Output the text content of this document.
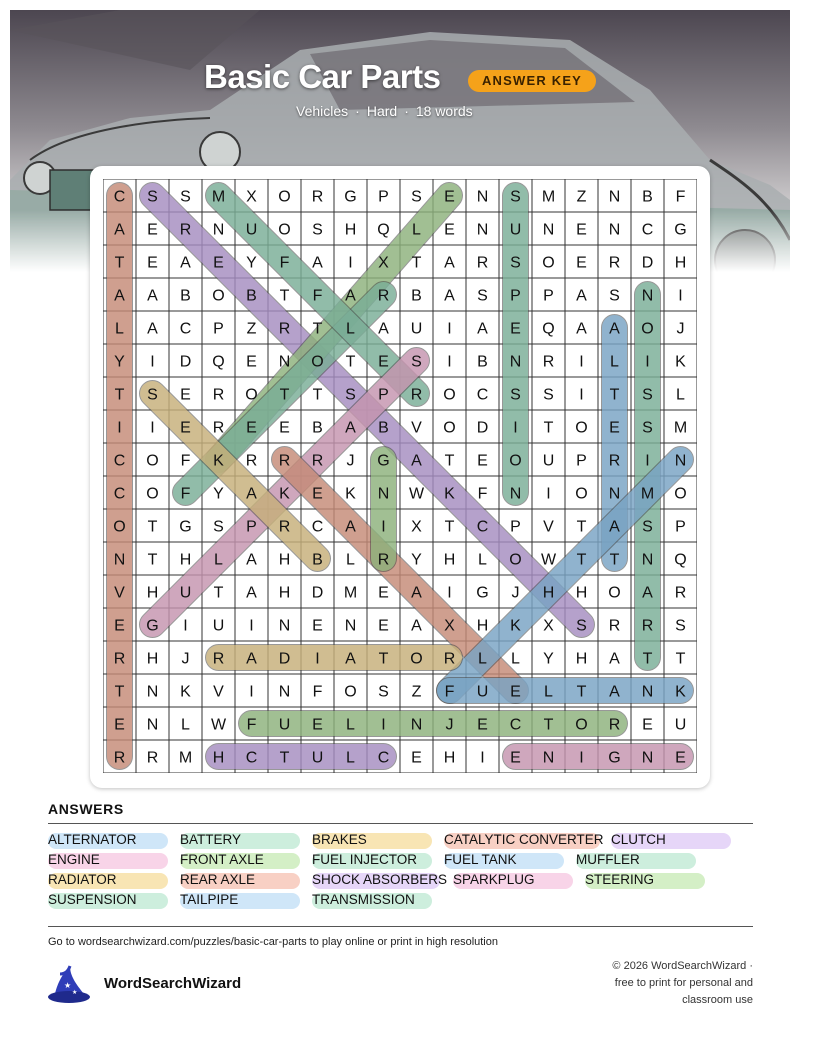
Basic Car Parts	ANSWER KEY
Vehicles · Hard · 18 words
C S S M X O R G P S E N S M Z N B F
A E R N U O S H Q L E N U N E N C G
T E A E Y F A I X T A R S O E R D H
A A B O B T F A R B A S P P A S N I
L A C P Z R T L A U I A E Q A A O J
Y I D Q E N O T E S I B N R I L I K
T S E R O T T S P R O C S S I T S L
I I E R E E B A B V O D I T O E S M
C O F K R R R J G A T E O U P R I N
C O F Y A K E K N W K F N I O N M O
O T G S P R C A I X T C P V T A S P
N T H L A H B L R Y H L O W T T N Q
V H U T A H D M E A I G J H H O A R
E G I U I N E N E A X H K X S R R S
R H J R A D I A T O R L L Y H A T T
T N K V I N F O S Z F U E L T A N K
E N L W F U E L I N J E C T O R E U
R R M H C T U L C E H I E N I G N E
ANSWERS
ALTERNATOR	BATTERY	BRAKES	CATALYTIC CONVERTER CLUTCH
ENGINE	FRONT AXLE	FUEL INJECTOR FUEL TANK	MUFFLER
RADIATOR	REAR AXLE	SHOCK ABSORBERS SPARKPLUG	STEERING
SUSPENSION	TAILPIPE	TRANSMISSION
Go to wordsearchwizard.com/puzzles/basic-car-parts to play online or print in high resolution
★
★
WordSearchWizard
© 2026 WordSearchWizard ·
free to print for personal and
classroom use
